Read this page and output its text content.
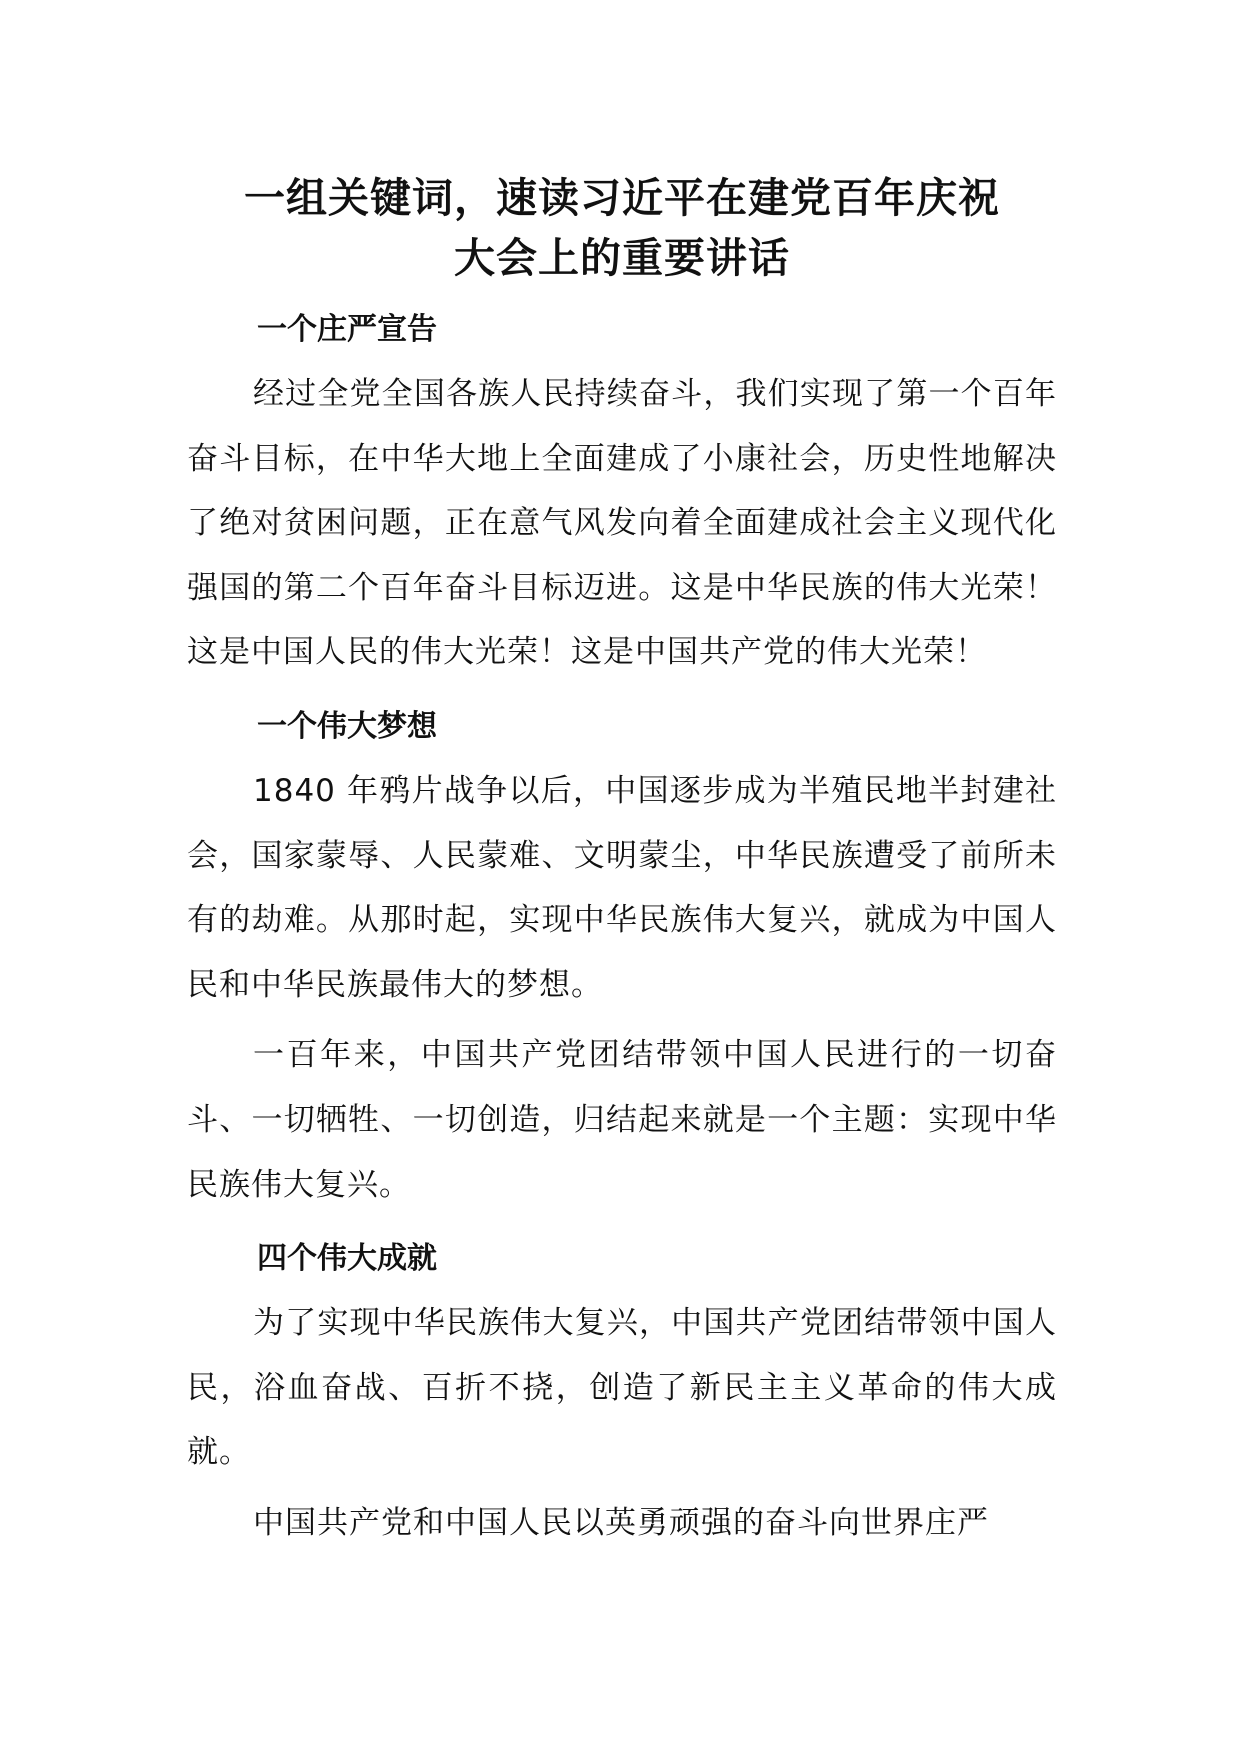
一组关键词，速读习近平在建党百年庆祝
大会上的重要讲话
一个庄严宣告

经过全党全国各族人民持续奋斗，我们实现了第一个百年奋斗目标，在中华大地上全面建成了小康社会，历史性地解决了绝对贫困问题，正在意气风发向着全面建成社会主义现代化强国的第二个百年奋斗目标迈进。这是中华民族的伟大光荣！这是中国人民的伟大光荣！这是中国共产党的伟大光荣！

一个伟大梦想

1840 年鸦片战争以后，中国逐步成为半殖民地半封建社会，国家蒙辱、人民蒙难、文明蒙尘，中华民族遭受了前所未有的劫难。从那时起，实现中华民族伟大复兴，就成为中国人民和中华民族最伟大的梦想。

一百年来，中国共产党团结带领中国人民进行的一切奋斗、一切牺牲、一切创造，归结起来就是一个主题：实现中华民族伟大复兴。

四个伟大成就

为了实现中华民族伟大复兴，中国共产党团结带领中国人民，浴血奋战、百折不挠，创造了新民主主义革命的伟大成就。

中国共产党和中国人民以英勇顽强的奋斗向世界庄严
